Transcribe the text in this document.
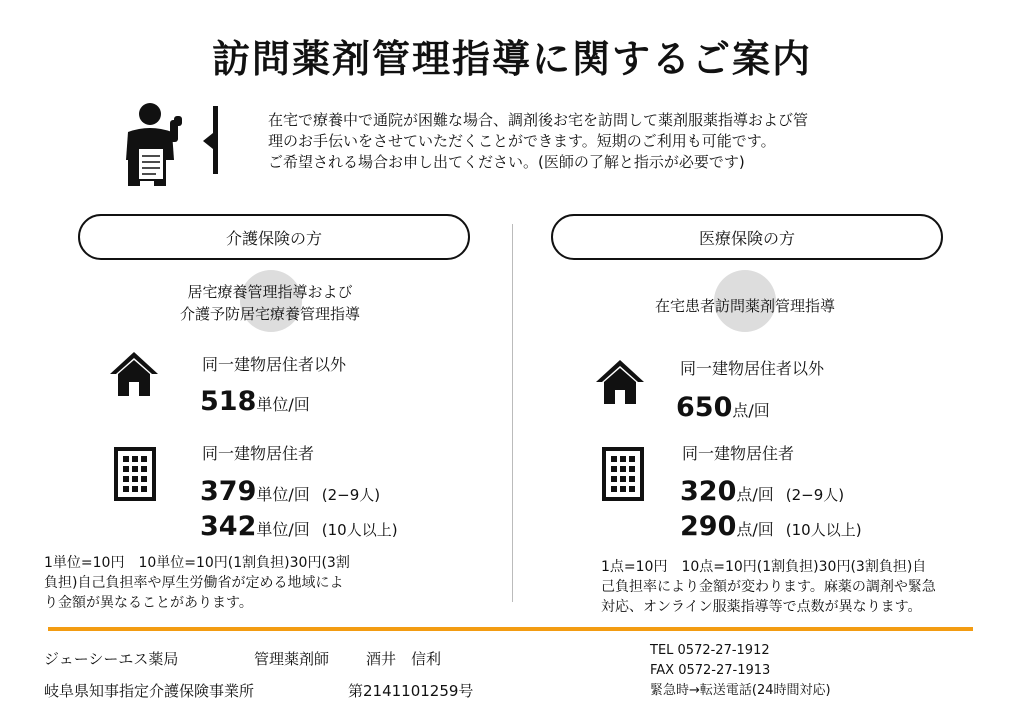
訪問薬剤管理指導に関するご案内
在宅で療養中で通院が困難な場合、調剤後お宅を訪問して薬剤服薬指導および管
理のお手伝いをさせていただくことができます。短期のご利用も可能です。
ご希望される場合お申し出てください。(医師の了解と指示が必要です)
介護保険の方
居宅療養管理指導および
介護予防居宅療養管理指導
同一建物居住者以外
518単位/回
同一建物居住者
379単位/回 (2−9人)
342単位/回 (10人以上)
1単位=10円　10単位=10円(1割負担)30円(3割
負担)自己負担率や厚生労働省が定める地域によ
り金額が異なることがあります。
医療保険の方
在宅患者訪問薬剤管理指導
同一建物居住者以外
650点/回
同一建物居住者
320点/回 (2−9人)
290点/回 (10人以上)
1点=10円　10点=10円(1割負担)30円(3割負担)自
己負担率により金額が変わります。麻薬の調剤や緊急
対応、オンライン服薬指導等で点数が異なります。
ジェーシーエス薬局	管理薬剤師 酒井　信利
岐阜県知事指定介護保険事業所	第2141101259号
TEL 0572-27-1912
FAX 0572-27-1913
緊急時→転送電話(24時間対応)
